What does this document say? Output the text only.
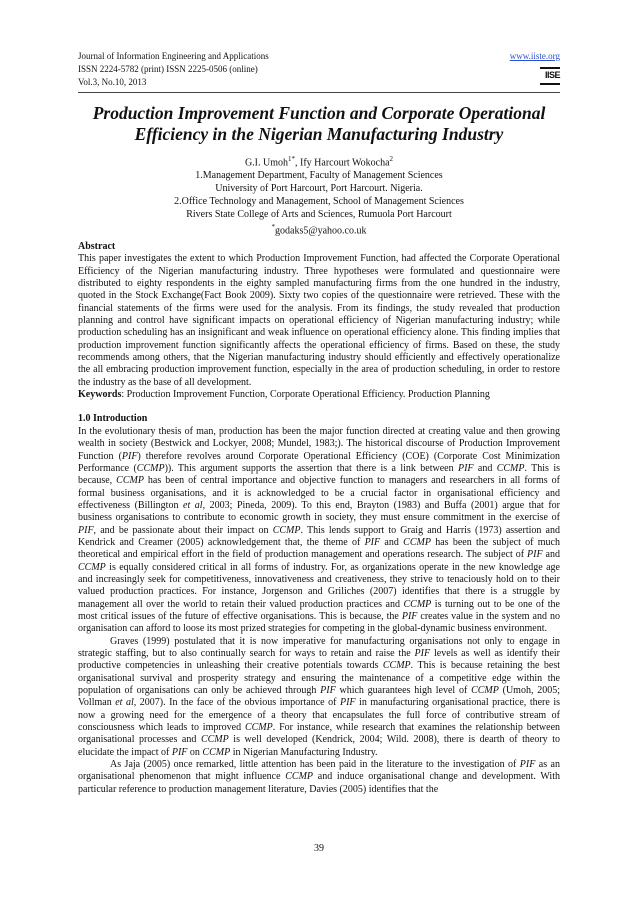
Journal of Information Engineering and Applications	www.iiste.org
ISSN 2224-5782 (print) ISSN 2225-0506 (online)
Vol.3, No.10, 2013
IISE
Production Improvement Function and Corporate Operational
Efficiency in the Nigerian Manufacturing Industry
G.I. Umoh$^{1*}$, Ify Harcourt Wokocha$^2$
1.Management Department, Faculty of Management Sciences
University of Port Harcourt, Port Harcourt. Nigeria.
2.Office Technology and Management, School of Management Sciences
Rivers State College of Arts and Sciences, Rumuola Port Harcourt
*godaks5@yahoo.co.uk
Abstract

This paper investigates the extent to which Production Improvement Function, had affected the Corporate Operational Efficiency of the Nigerian manufacturing industry. Three hypotheses were formulated and questionnaire were distributed to eighty respondents in the eighty sampled manufacturing firms from the one hundred in the industry, quoted in the Stock Exchange(Fact Book 2009). Sixty two copies of the questionnaire were retrieved. These with the financial statements of the firms were used for the analysis. From its findings, the study revealed that production planning and control have significant impacts on operational efficiency of Nigerian manufacturing industry; while production scheduling has an insignificant and weak influence on operational efficiency alone. This finding implies that production improvement function significantly affects the operational efficiency of firms. Based on these, the study recommends among others, that the Nigerian manufacturing industry should efficiently and effectively operationalize the all embracing production improvement function, especially in the area of production scheduling, in order to restore the industry as the base of all development.

Keywords: Production Improvement Function, Corporate Operational Efficiency. Production Planning

1.0 Introduction

In the evolutionary thesis of man, production has been the major function directed at creating value and then growing wealth in society (Bestwick and Lockyer, 2008; Mundel, 1983;). The historical discourse of Production Improvement Function (PIF) therefore revolves around Corporate Operational Efficiency (COE) (Corporate Cost Minimization Performance (CCMP)). This argument supports the assertion that there is a link between PIF and CCMP. This is because, CCMP has been of central importance and objective function to managers and researchers in all forms of formal business organisations, and it is acknowledged to be a crucial factor in organisational efficiency and effectiveness (Billington et al, 2003; Pineda, 2009). To this end, Brayton (1983) and Buffa (2001) argue that for business organisations to contribute to economic growth in society, they must ensure commitment in the exercise of PIF, and be passionate about their impact on CCMP. This lends support to Graig and Harris (1973) assertion and Kendrick and Creamer (2005) acknowledgement that, the theme of PIF and CCMP has been the subject of much theoretical and empirical effort in the field of production management and operations research. The subject of PIF and CCMP is equally considered critical in all forms of industry. For, as organizations operate in the new knowledge age and increasingly seek for competitiveness, innovativeness and creativeness, they strive to tenaciously hold on to their valued production practices. For instance, Jorgenson and Griliches (2007) identifies that there is a struggle by management all over the world to retain their valued production practices and CCMP is turning out to be one of the most critical issues of the future of effective organisations. This is because, the PIF creates value in the system and no organisation can afford to loose its most prized strategies for competing in the global-dynamic business environment.

Graves (1999) postulated that it is now imperative for manufacturing organisations not only to engage in strategic staffing, but to also continually search for ways to retain and raise the PIF levels as well as identify their productive competencies in unleashing their creative potentials towards CCMP. This is because retaining the best organisational survival and prosperity strategy and ensuring the maintenance of a competitive edge within the population of organisations can only be achieved through PIF which guarantees high level of CCMP (Umoh, 2005; Vollman et al, 2007). In the face of the obvious importance of PIF in manufacturing organisational practice, there is now a growing need for the emergence of a theory that encapsulates the full force of contributive stream of consciousness which leads to improved CCMP. For instance, while research that examines the relationship between organisational processes and CCMP is well developed (Kendrick, 2004; Wild. 2008), there is dearth of theory to elucidate the impact of PIF on CCMP in Nigerian Manufacturing Industry.

As Jaja (2005) once remarked, little attention has been paid in the literature to the investigation of PIF as an organisational phenomenon that might influence CCMP and induce organisational change and development. With particular reference to production management literature, Davies (2005) identifies that the

39
